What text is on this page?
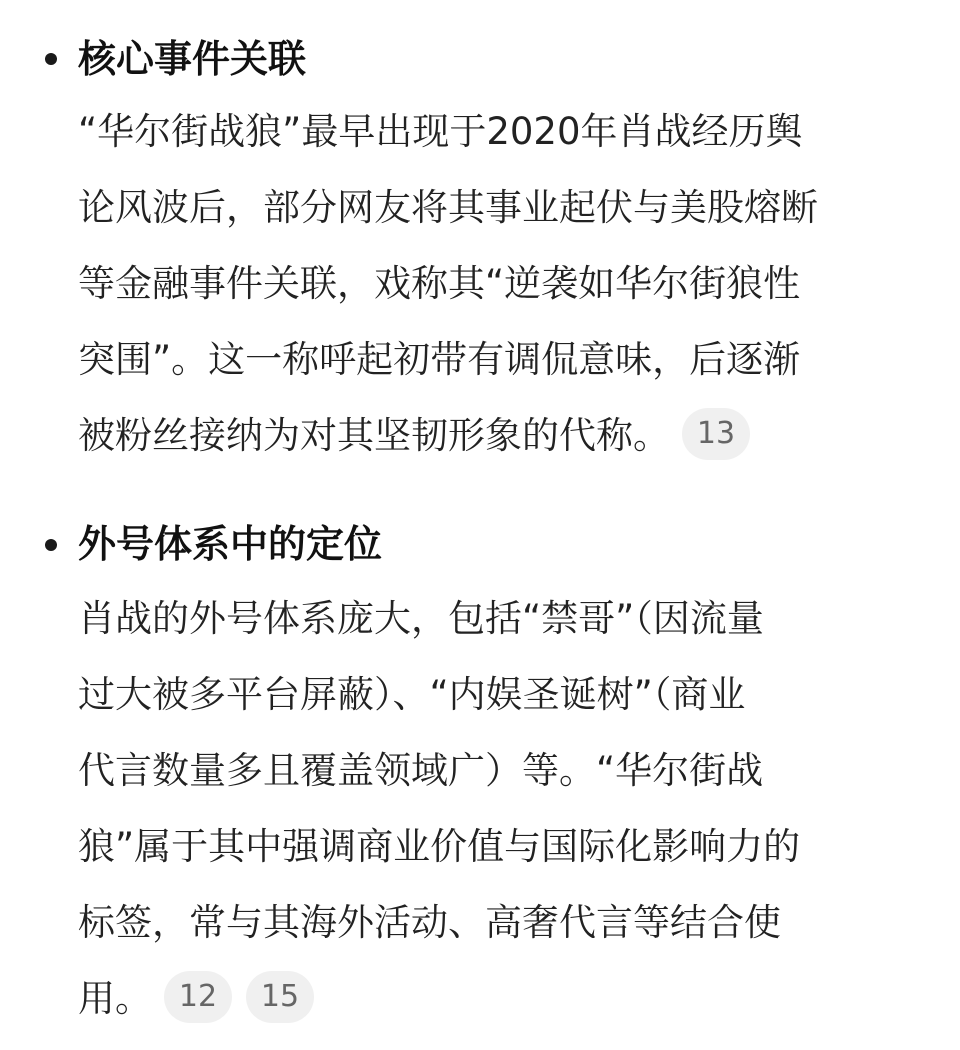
核心事件关联
“华尔街战狼”最早出现于2020年肖战经历舆
论风波后，部分网友将其事业起伏与美股熔断
等金融事件关联，戏称其“逆袭如华尔街狼性
突围”。这一称呼起初带有调侃意味，后逐渐
被粉丝接纳为对其坚韧形象的代称。 13
外号体系中的定位
肖战的外号体系庞大，包括“禁哥”（因流量
过大被多平台屏蔽）、“内娱圣诞树”（商业
代言数量多且覆盖领域广）等。“华尔街战
狼”属于其中强调商业价值与国际化影响力的
标签，常与其海外活动、高奢代言等结合使
用。 12 15
